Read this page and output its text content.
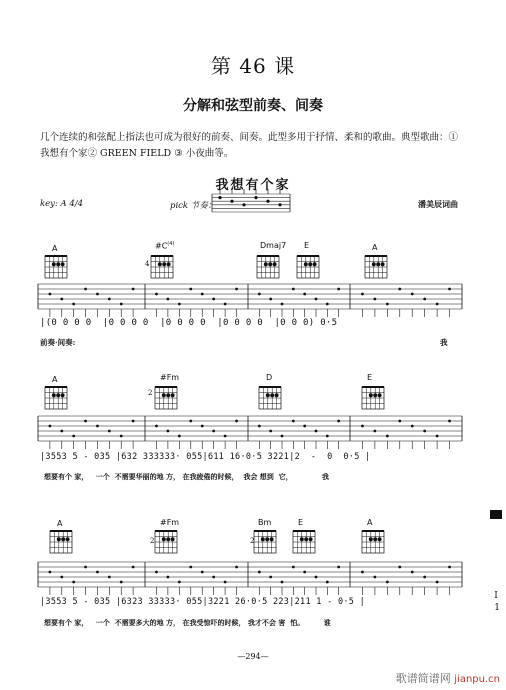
第 46 课
分解和弦型前奏、间奏
几个连续的和弦配上指法也可成为很好的前奏、间奏。此型多用于抒情、柔和的歌曲。典型歌曲：① 我想有个家② GREEN FIELD ③ 小夜曲等。
我想有个家
key: A 4/4	pick 节奏：	潘美辰词曲
A	$\#C^{(4)}$
4
Dmaj7 E	A
|(0 0 0 0  |0 0 0 0  |0 0 0 0  |0 0 0 0  |0 0 0) 0·5
前奏·间奏:	我
A	#Fm
2
D	E
|3553 5 - 035 |632 333333· 055|611 16·0·5 3221|2  -  0  0·5 |
想要有个 家，   一个  不需要华丽的地 方， 在我疲倦的时候，  我会 想到  它，            我
A	#Fm
2
Bm
2
E	A
|3553 5 - 035 |6323 33333· 055|3221 26·0·5 223|211 1 - 0·5 |
想要有个 家，   一个  不需要多大的地 方， 在我受惊吓的时候， 我才不会 害  怕。        谁
—294—
I
1
歌谱简谱网 jianpu.cn
